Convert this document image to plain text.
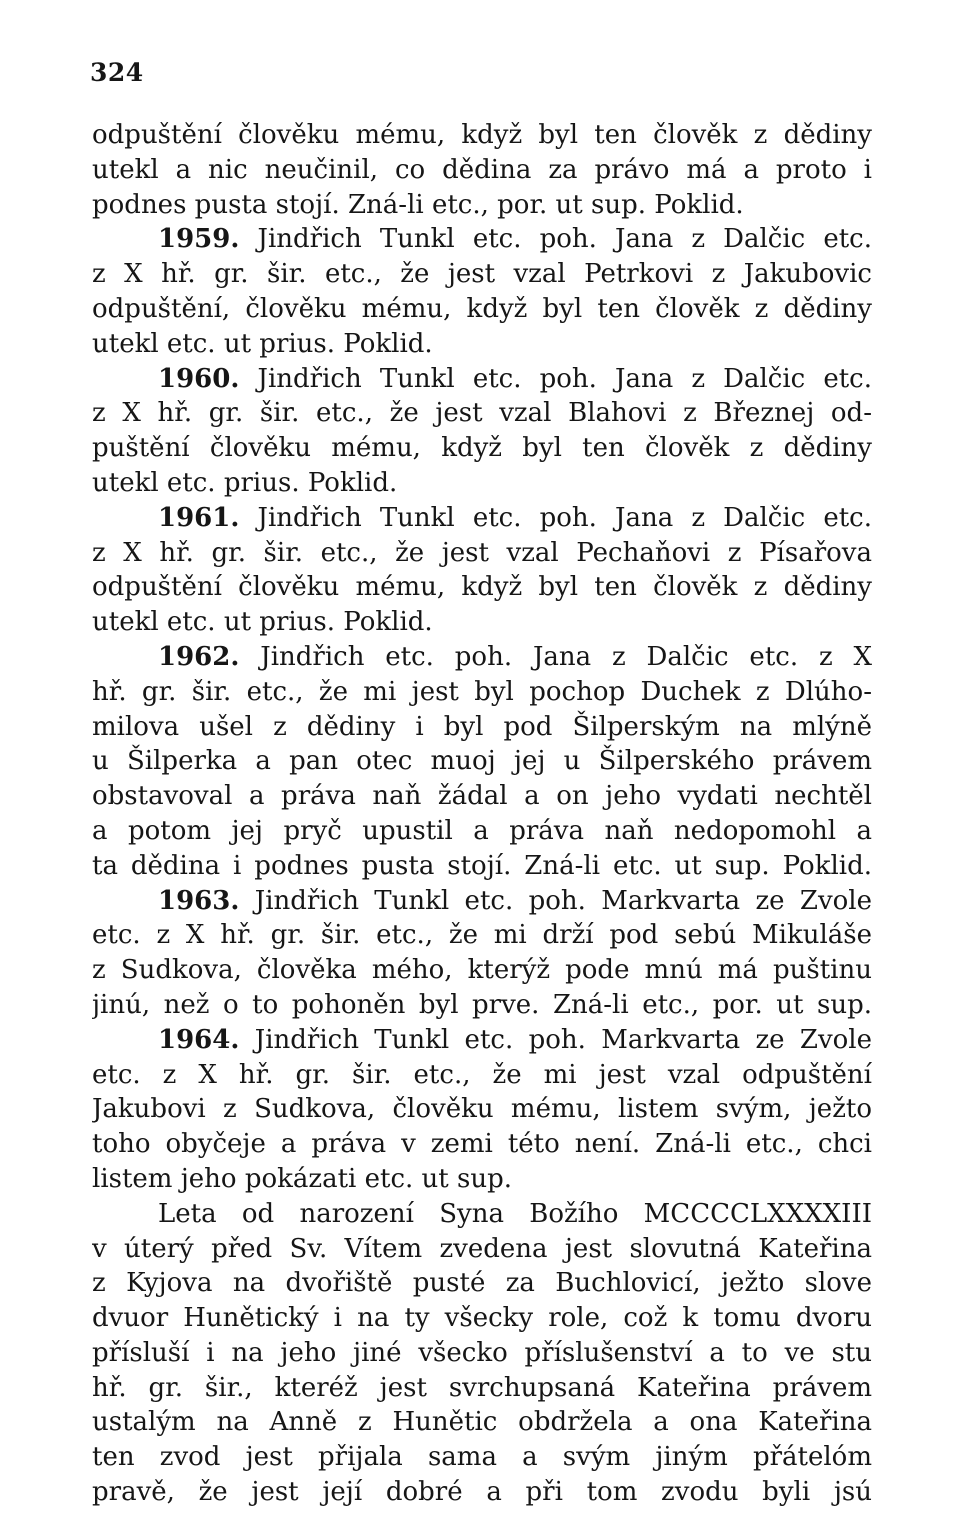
324
odpuštění člověku mému, když byl ten člověk z dědiny
utekl a nic neučinil, co dědina za právo má a proto i
podnes pusta stojí. Zná-li etc., por. ut sup. Poklid.
1959. Jindřich Tunkl etc. poh. Jana z Dalčic etc.
z X hř. gr. šir. etc., že jest vzal Petrkovi z Jakubovic
odpuštění, člověku mému, když byl ten člověk z dědiny
utekl etc. ut prius. Poklid.
1960. Jindřich Tunkl etc. poh. Jana z Dalčic etc.
z X hř. gr. šir. etc., že jest vzal Blahovi z Březnej od-
puštění člověku mému, když byl ten člověk z dědiny
utekl etc. prius. Poklid.
1961. Jindřich Tunkl etc. poh. Jana z Dalčic etc.
z X hř. gr. šir. etc., že jest vzal Pechaňovi z Písařova
odpuštění člověku mému, když byl ten člověk z dědiny
utekl etc. ut prius. Poklid.
1962. Jindřich etc. poh. Jana z Dalčic etc. z X
hř. gr. šir. etc., že mi jest byl pochop Duchek z Dlúho-
milova ušel z dědiny i byl pod Šilperským na mlýně
u Šilperka a pan otec muoj jej u Šilperského právem
obstavoval a práva naň žádal a on jeho vydati nechtěl
a potom jej pryč upustil a práva naň nedopomohl a
ta dědina i podnes pusta stojí. Zná-li etc. ut sup. Poklid.
1963. Jindřich Tunkl etc. poh. Markvarta ze Zvole
etc. z X hř. gr. šir. etc., že mi drží pod sebú Mikuláše
z Sudkova, člověka mého, kterýž pode mnú má puštinu
jinú, než o to pohoněn byl prve. Zná-li etc., por. ut sup.
1964. Jindřich Tunkl etc. poh. Markvarta ze Zvole
etc. z X hř. gr. šir. etc., že mi jest vzal odpuštění
Jakubovi z Sudkova, člověku mému, listem svým, ježto
toho obyčeje a práva v zemi této není. Zná-li etc., chci
listem jeho pokázati etc. ut sup.
Leta od narození Syna Božího MCCCCLXXXXIII
v úterý před Sv. Vítem zvedena jest slovutná Kateřina
z Kyjova na dvořiště pusté za Buchlovicí, ježto slove
dvuor Hunětický i na ty všecky role, což k tomu dvoru
přísluší i na jeho jiné všecko příslušenství a to ve stu
hř. gr. šir., kteréž jest svrchupsaná Kateřina právem
ustalým na Anně z Hunětic obdržela a ona Kateřina
ten zvod jest přijala sama a svým jiným přátelóm
pravě, že jest její dobré a při tom zvodu byli jsú
